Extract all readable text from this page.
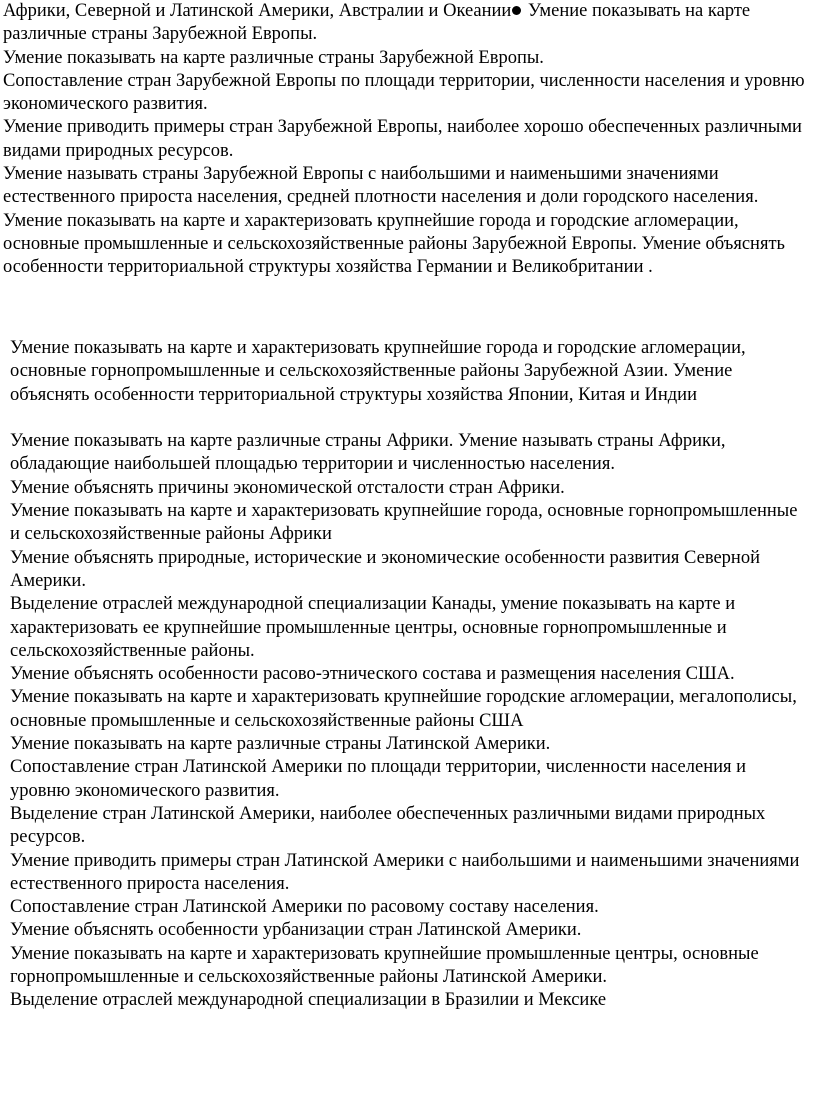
Африки, Северной и Латинской Америки, Австралии и Океании Умение показывать на карте различные страны Зарубежной Европы.

Умение показывать на карте различные страны Зарубежной Европы.

Сопоставление стран Зарубежной Европы по площади территории, численности населения и уровню экономического развития.

Умение приводить примеры стран Зарубежной Европы, наиболее хорошо обеспеченных различными видами природных ресурсов.

Умение называть страны Зарубежной Европы с наибольшими и наименьшими значениями естественного прироста населения, средней плотности населения и доли городского населения.

Умение показывать на карте и характеризовать крупнейшие города и городские агломерации, основные промышленные и сельскохозяйственные районы Зарубежной Европы. Умение объяснять особенности территориальной структуры хозяйства Германии и Великобритании .

Умение показывать на карте и характеризовать крупнейшие города и городские агломерации, основные горнопромышленные и сельскохозяйственные районы Зарубежной Азии. Умение объяснять особенности территориальной структуры хозяйства Японии, Китая и Индии

Умение показывать на карте различные страны Африки. Умение называть страны Африки, обладающие наибольшей площадью территории и численностью населения.

Умение объяснять причины экономической отсталости стран Африки.

Умение показывать на карте и характеризовать крупнейшие города, основные горнопромышленные и сельскохозяйственные районы Африки

Умение объяснять природные, исторические и экономические особенности развития Северной Америки.

Выделение отраслей международной специализации Канады, умение показывать на карте и характеризовать ее крупнейшие промышленные центры, основные горнопромышленные и сельскохозяйственные районы.

Умение объяснять особенности расово-этнического состава и размещения населения США.

Умение показывать на карте и характеризовать крупнейшие городские агломерации, мегалополисы, основные промышленные и сельскохозяйственные районы США

Умение показывать на карте различные страны Латинской Америки.

Сопоставление стран Латинской Америки по площади территории, численности населения и уровню экономического развития.

Выделение стран Латинской Америки, наиболее обеспеченных различными видами природных ресурсов.

Умение приводить примеры стран Латинской Америки с наибольшими и наименьшими значениями естественного прироста населения.

Сопоставление стран Латинской Америки по расовому составу населения.

Умение объяснять особенности урбанизации стран Латинской Америки.

Умение показывать на карте и характеризовать крупнейшие промышленные центры, основные горнопромышленные и сельскохозяйственные районы Латинской Америки.

Выделение отраслей международной специализации в Бразилии и Мексике
